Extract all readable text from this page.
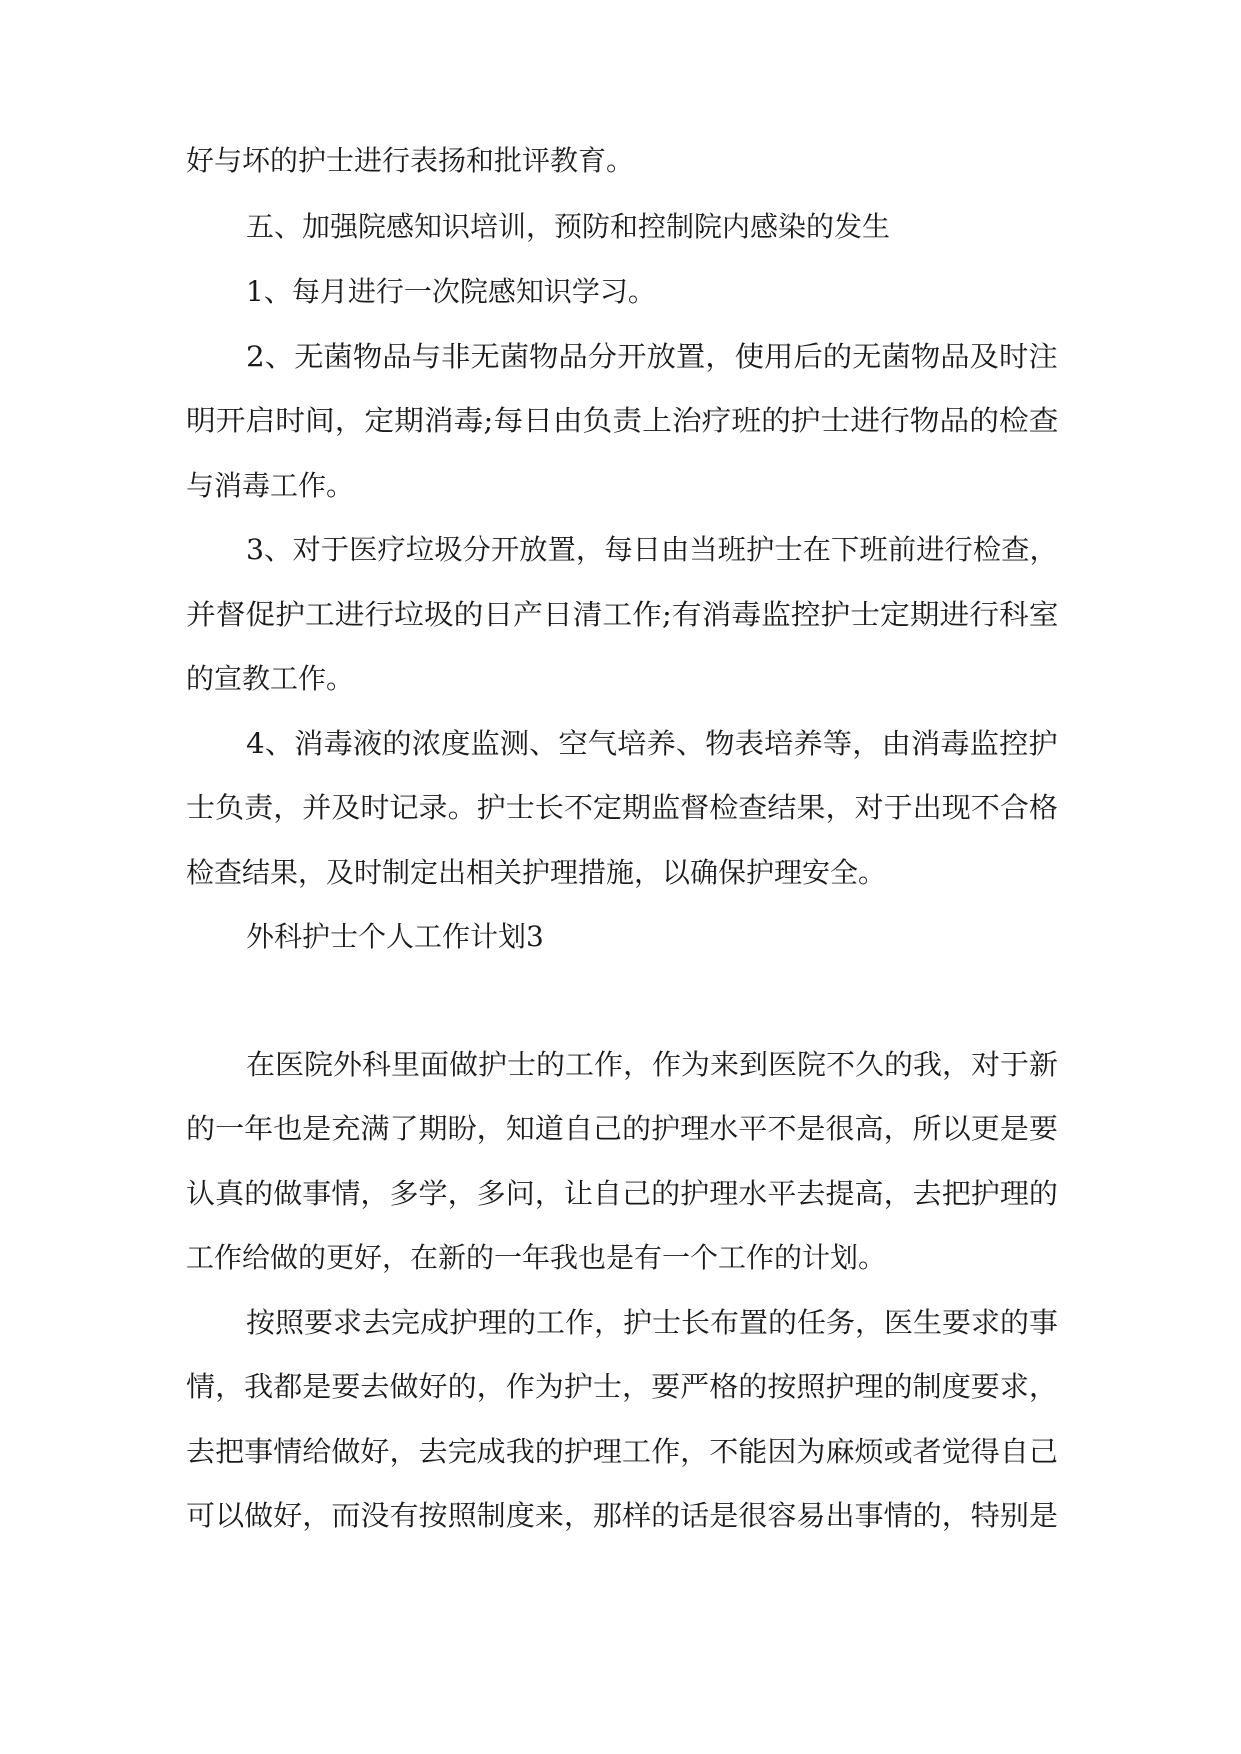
好与坏的护士进行表扬和批评教育。
五、加强院感知识培训，预防和控制院内感染的发生
1、每月进行一次院感知识学习。
2、无菌物品与非无菌物品分开放置，使用后的无菌物品及时注
明开启时间，定期消毒;每日由负责上治疗班的护士进行物品的检查
与消毒工作。
3、对于医疗垃圾分开放置，每日由当班护士在下班前进行检查，
并督促护工进行垃圾的日产日清工作;有消毒监控护士定期进行科室
的宣教工作。
4、消毒液的浓度监测、空气培养、物表培养等，由消毒监控护
士负责，并及时记录。护士长不定期监督检查结果，对于出现不合格
检查结果，及时制定出相关护理措施，以确保护理安全。
外科护士个人工作计划3
在医院外科里面做护士的工作，作为来到医院不久的我，对于新
的一年也是充满了期盼，知道自己的护理水平不是很高，所以更是要
认真的做事情，多学，多问，让自己的护理水平去提高，去把护理的
工作给做的更好，在新的一年我也是有一个工作的计划。
按照要求去完成护理的工作，护士长布置的任务，医生要求的事
情，我都是要去做好的，作为护士，要严格的按照护理的制度要求，
去把事情给做好，去完成我的护理工作，不能因为麻烦或者觉得自己
可以做好，而没有按照制度来，那样的话是很容易出事情的，特别是
